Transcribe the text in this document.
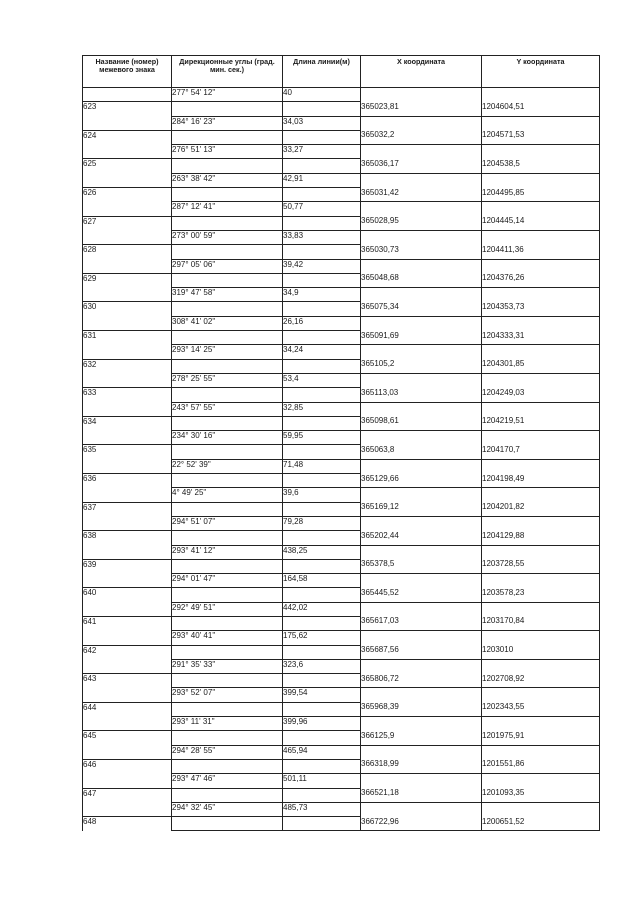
Название (номер) межевого знака	Дирекционные углы (град. мин. сек.)	Длина линии(м)	X координата	Y координата
	277° 54' 12"	40		
623			365023,81	1204604,51
	284° 16' 23"	34,03		
624			365032,2	1204571,53
	276° 51' 13"	33,27		
625			365036,17	1204538,5
	263° 38' 42"	42,91		
626			365031,42	1204495,85
	287° 12' 41"	50,77		
627			365028,95	1204445,14
	273° 00' 59"	33,83		
628			365030,73	1204411,36
	297° 05' 06"	39,42		
629			365048,68	1204376,26
	319° 47' 58"	34,9		
630			365075,34	1204353,73
	308° 41' 02"	26,16		
631			365091,69	1204333,31
	293° 14' 25"	34,24		
632			365105,2	1204301,85
	278° 25' 55"	53,4		
633			365113,03	1204249,03
	243° 57' 55"	32,85		
634			365098,61	1204219,51
	234° 30' 16"	59,95		
635			365063,8	1204170,7
	22° 52' 39"	71,48		
636			365129,66	1204198,49
	4° 49' 25"	39,6		
637			365169,12	1204201,82
	294° 51' 07"	79,28		
638			365202,44	1204129,88
	293° 41' 12"	438,25		
639			365378,5	1203728,55
	294° 01' 47"	164,58		
640			365445,52	1203578,23
	292° 49' 51"	442,02		
641			365617,03	1203170,84
	293° 40' 41"	175,62		
642			365687,56	1203010
	291° 35' 33"	323,6		
643			365806,72	1202708,92
	293° 52' 07"	399,54		
644			365968,39	1202343,55
	293° 11' 31"	399,96		
645			366125,9	1201975,91
	294° 28' 55"	465,94		
646			366318,99	1201551,86
	293° 47' 46"	501,11		
647			366521,18	1201093,35
	294° 32' 45"	485,73		
648			366722,96	1200651,52
